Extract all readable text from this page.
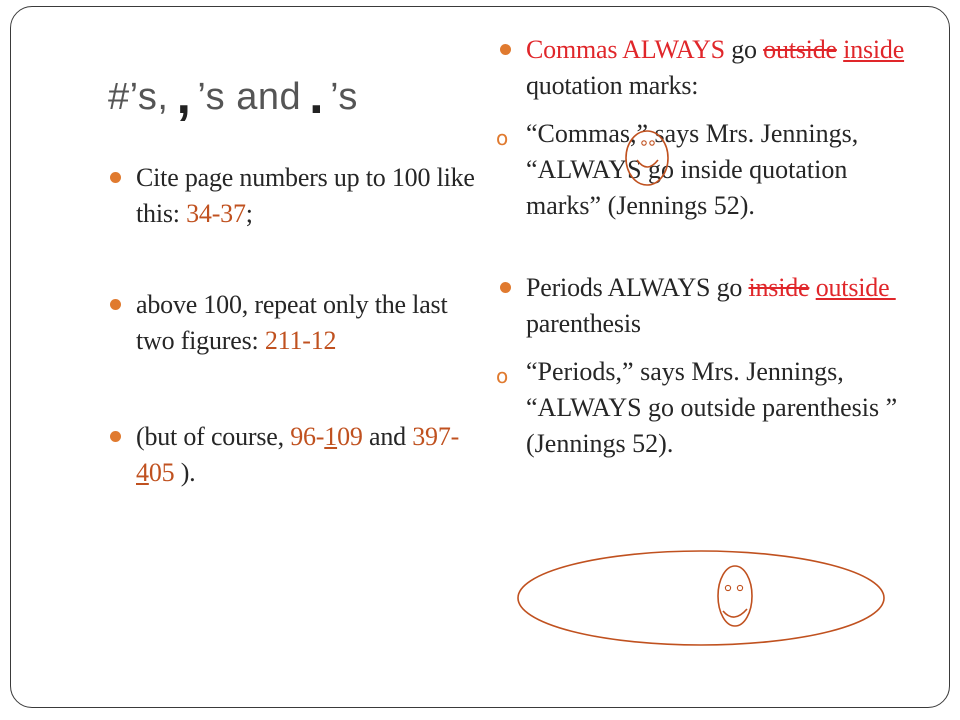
#’s, , ’s and . ’s
Cite page numbers up to 100 like this: 34-37;
above 100, repeat only the last two figures: 211-12
(but of course, 96-109 and 397-405 ).
Commas ALWAYS go outside inside quotation marks:
o “Commas,” says Mrs. Jennings, “ALWAYS go inside quotation marks” (Jennings 52).
Periods ALWAYS go inside outside  parenthesis
o “Periods,” says Mrs. Jennings, “ALWAYS go outside parenthesis ” (Jennings 52).
